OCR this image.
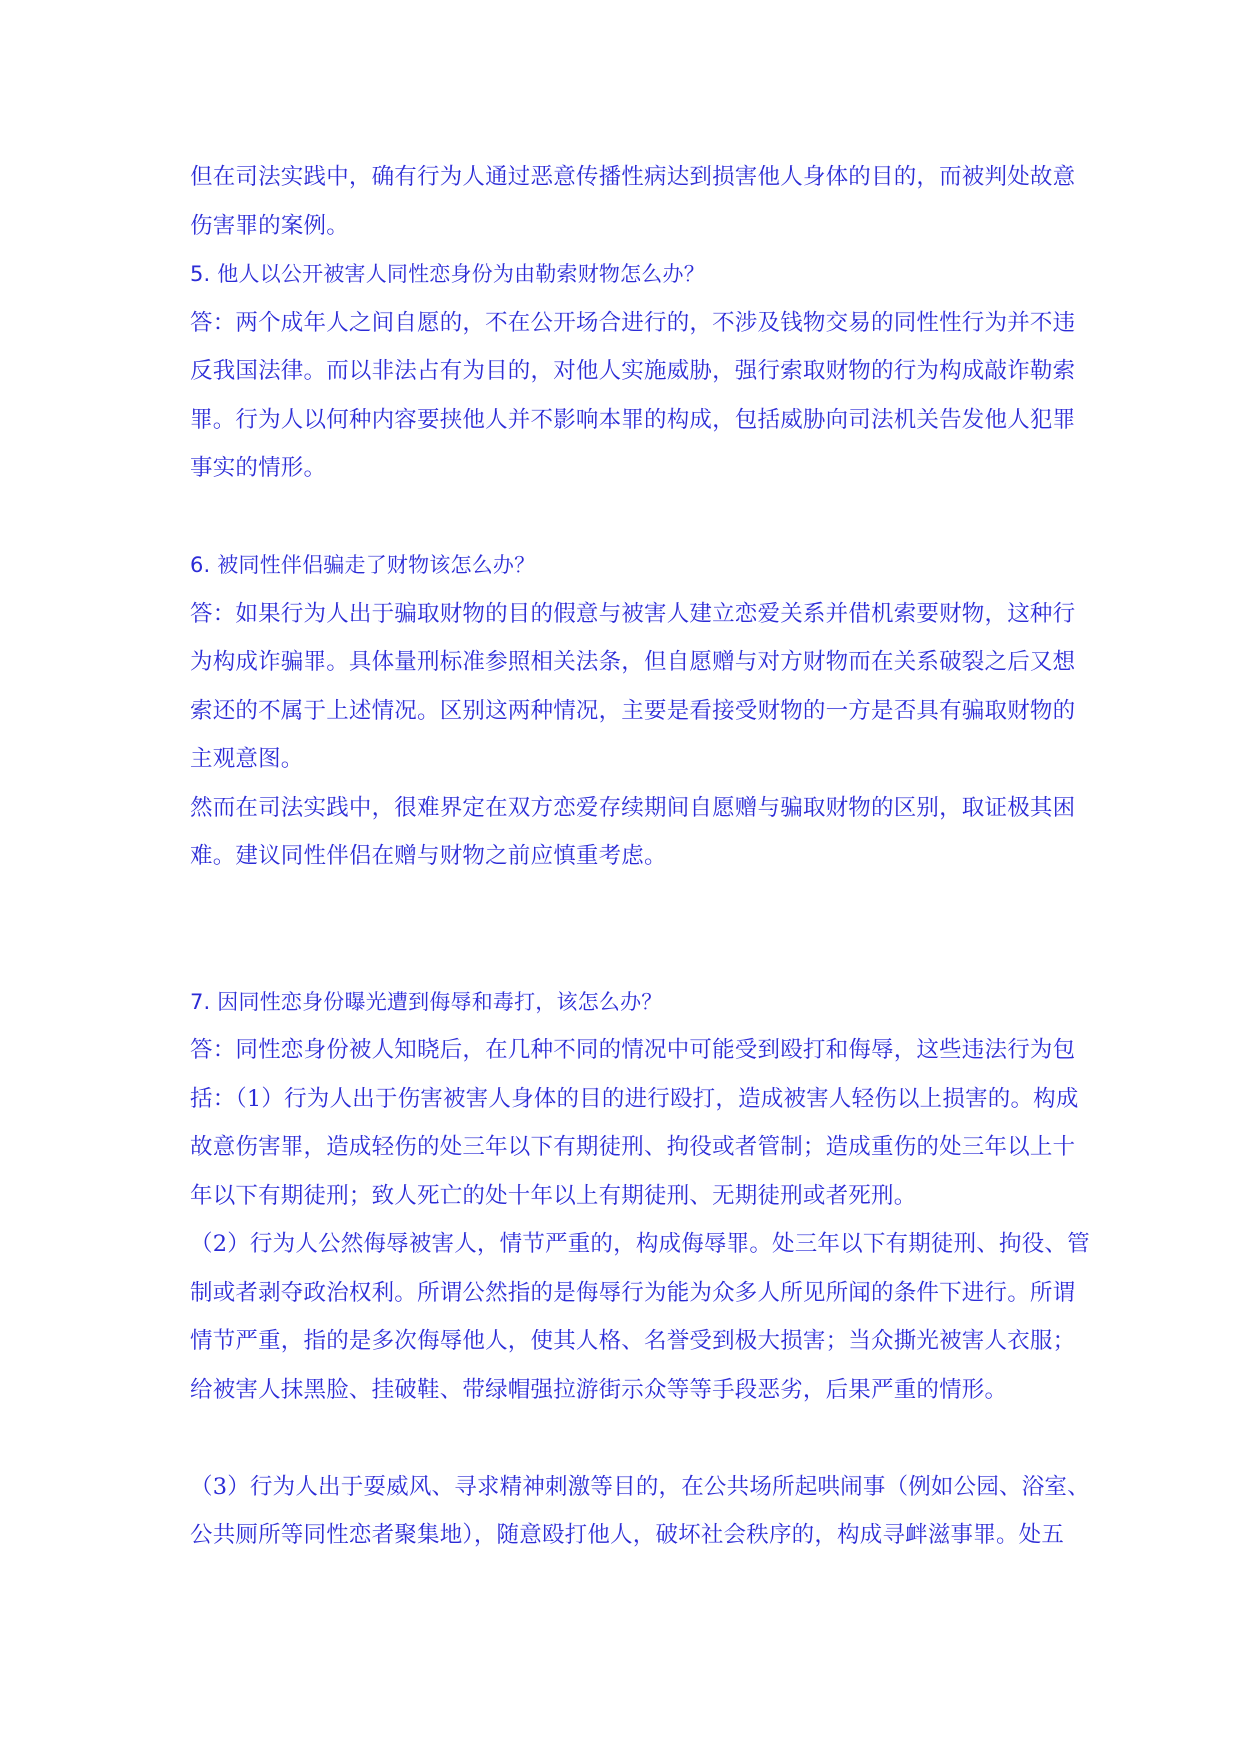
但在司法实践中，确有行为人通过恶意传播性病达到损害他人身体的目的，而被判处故意
伤害罪的案例。
5. 他人以公开被害人同性恋身份为由勒索财物怎么办？
答：两个成年人之间自愿的，不在公开场合进行的，不涉及钱物交易的同性性行为并不违
反我国法律。而以非法占有为目的，对他人实施威胁，强行索取财物的行为构成敲诈勒索
罪。行为人以何种内容要挟他人并不影响本罪的构成，包括威胁向司法机关告发他人犯罪
事实的情形。
6. 被同性伴侣骗走了财物该怎么办？
答：如果行为人出于骗取财物的目的假意与被害人建立恋爱关系并借机索要财物，这种行
为构成诈骗罪。具体量刑标准参照相关法条，但自愿赠与对方财物而在关系破裂之后又想
索还的不属于上述情况。区别这两种情况，主要是看接受财物的一方是否具有骗取财物的
主观意图。
然而在司法实践中，很难界定在双方恋爱存续期间自愿赠与骗取财物的区别，取证极其困
难。建议同性伴侣在赠与财物之前应慎重考虑。
7. 因同性恋身份曝光遭到侮辱和毒打，该怎么办？
答：同性恋身份被人知晓后，在几种不同的情况中可能受到殴打和侮辱，这些违法行为包
括：（1）行为人出于伤害被害人身体的目的进行殴打，造成被害人轻伤以上损害的。构成
故意伤害罪，造成轻伤的处三年以下有期徒刑、拘役或者管制；造成重伤的处三年以上十
年以下有期徒刑；致人死亡的处十年以上有期徒刑、无期徒刑或者死刑。
（2）行为人公然侮辱被害人，情节严重的，构成侮辱罪。处三年以下有期徒刑、拘役、管
制或者剥夺政治权利。所谓公然指的是侮辱行为能为众多人所见所闻的条件下进行。所谓
情节严重，指的是多次侮辱他人，使其人格、名誉受到极大损害；当众撕光被害人衣服；
给被害人抹黑脸、挂破鞋、带绿帽强拉游街示众等等手段恶劣，后果严重的情形。
（3）行为人出于耍威风、寻求精神刺激等目的，在公共场所起哄闹事（例如公园、浴室、
公共厕所等同性恋者聚集地），随意殴打他人，破坏社会秩序的，构成寻衅滋事罪。处五
